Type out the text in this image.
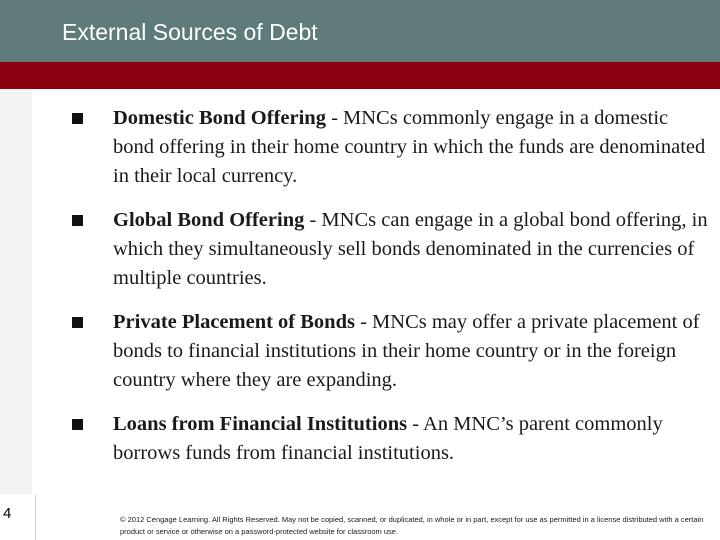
External Sources of Debt
Domestic Bond Offering - MNCs commonly engage in a domestic bond offering in their home country in which the funds are denominated in their local currency.
Global Bond Offering - MNCs can engage in a global bond offering, in which they simultaneously sell bonds denominated in the currencies of multiple countries.
Private Placement of Bonds - MNCs may offer a private placement of bonds to financial institutions in their home country or in the foreign country where they are expanding.
Loans from Financial Institutions - An MNC’s parent commonly borrows funds from financial institutions.
4	© 2012 Cengage Learning. All Rights Reserved. May not be copied, scanned, or duplicated, in whole or in part, except for use as permitted in a license distributed with a certain product or service or otherwise on a password-protected website for classroom use.
